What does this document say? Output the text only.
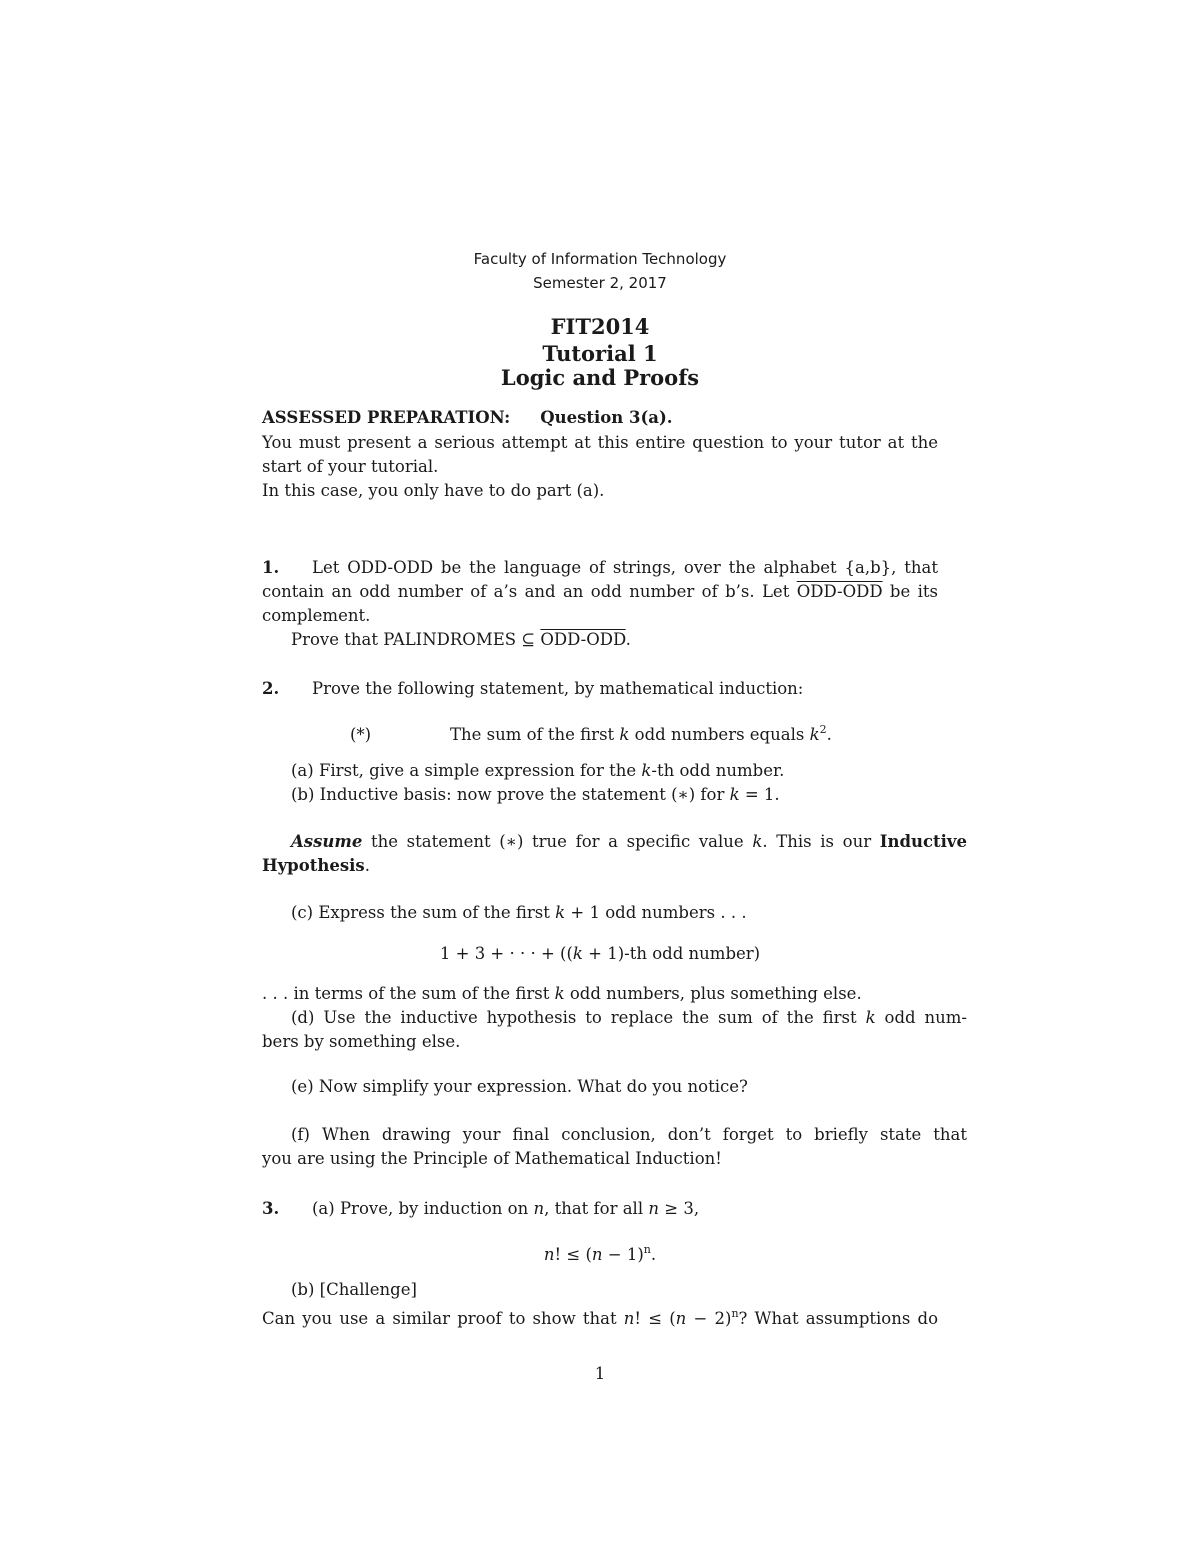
Faculty of Information Technology
Semester 2, 2017
FIT2014
Tutorial 1
Logic and Proofs
ASSESSED PREPARATION: Question 3(a).
You must present a serious attempt at this entire question to your tutor at the
start of your tutorial.
In this case, you only have to do part (a).
1. Let ODD-ODD be the language of strings, over the alphabet {a,b}, that
contain an odd number of a’s and an odd number of b’s. Let ODD-ODD be its
complement.
Prove that PALINDROMES ⊆ ODD-ODD.
2. Prove the following statement, by mathematical induction:
(*)	The sum of the first k odd numbers equals $k^2$.
(a) First, give a simple expression for the k-th odd number.
(b) Inductive basis: now prove the statement (∗) for k = 1.
Assume the statement (∗) true for a specific value k. This is our Inductive
Hypothesis.
(c) Express the sum of the first k + 1 odd numbers . . .
1 + 3 + · · · + ((k + 1)-th odd number)
. . . in terms of the sum of the first k odd numbers, plus something else.
(d) Use the inductive hypothesis to replace the sum of the first k odd num-
bers by something else.
(e) Now simplify your expression. What do you notice?
(f) When drawing your final conclusion, don’t forget to briefly state that
you are using the Principle of Mathematical Induction!
3. (a) Prove, by induction on n, that for all n ≥ 3,
n! ≤ $(n - 1)^n$.
(b) [Challenge]
Can you use a similar proof to show that n! ≤ $(n - 2)^n$? What assumptions do
1
